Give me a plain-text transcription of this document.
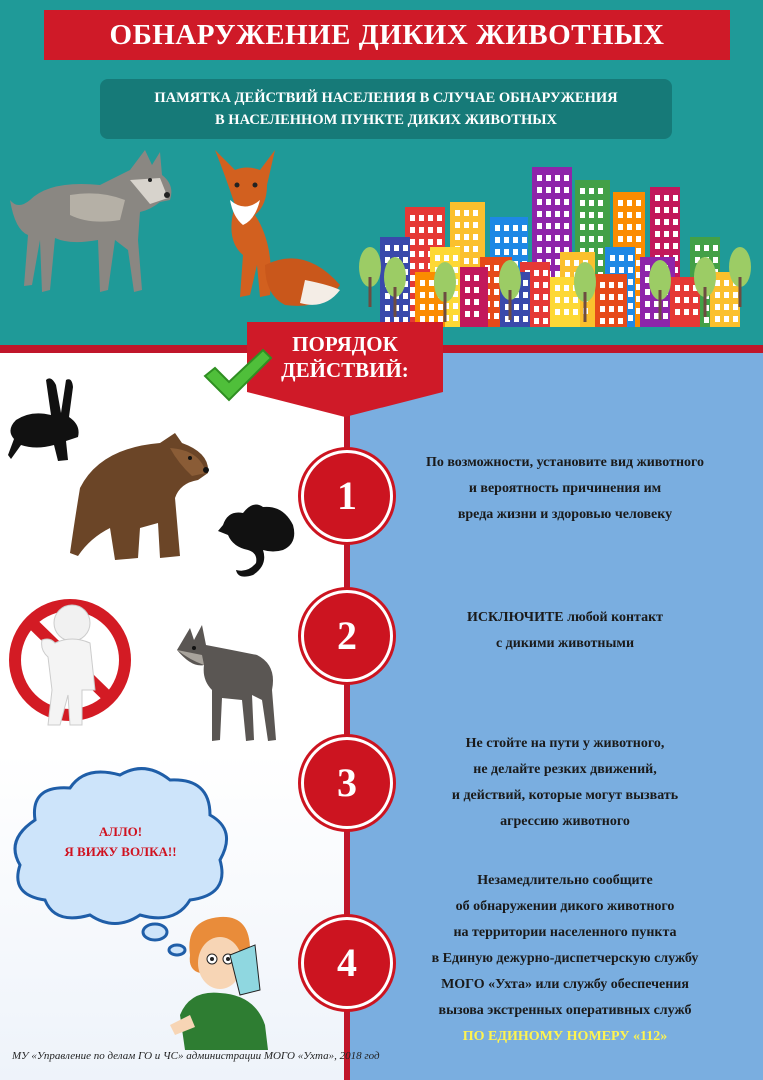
ОБНАРУЖЕНИЕ ДИКИХ ЖИВОТНЫХ
ПАМЯТКА ДЕЙСТВИЙ НАСЕЛЕНИЯ В СЛУЧАЕ ОБНАРУЖЕНИЯ
В НАСЕЛЕННОМ ПУНКТЕ ДИКИХ ЖИВОТНЫХ
ПОРЯДОК
ДЕЙСТВИЙ:
АЛЛО!
Я ВИЖУ ВОЛКА!!
1
2
3
4
По возможности, установите вид животного
и вероятность причинения им
вреда жизни и здоровью человеку
ИСКЛЮЧИТЕ любой контакт
с дикими животными
Не стойте на пути у животного,
не делайте резких движений,
и действий, которые могут вызвать
агрессию животного
Незамедлительно сообщите
об обнаружении дикого животного
на территории населенного пункта
в Единую дежурно-диспетчерскую службу
МОГО «Ухта» или службу обеспечения
вызова экстренных оперативных служб
ПО ЕДИНОМУ НОМЕРУ «112»
МУ «Управление по делам ГО и ЧС» администрации МОГО «Ухта», 2018 год
